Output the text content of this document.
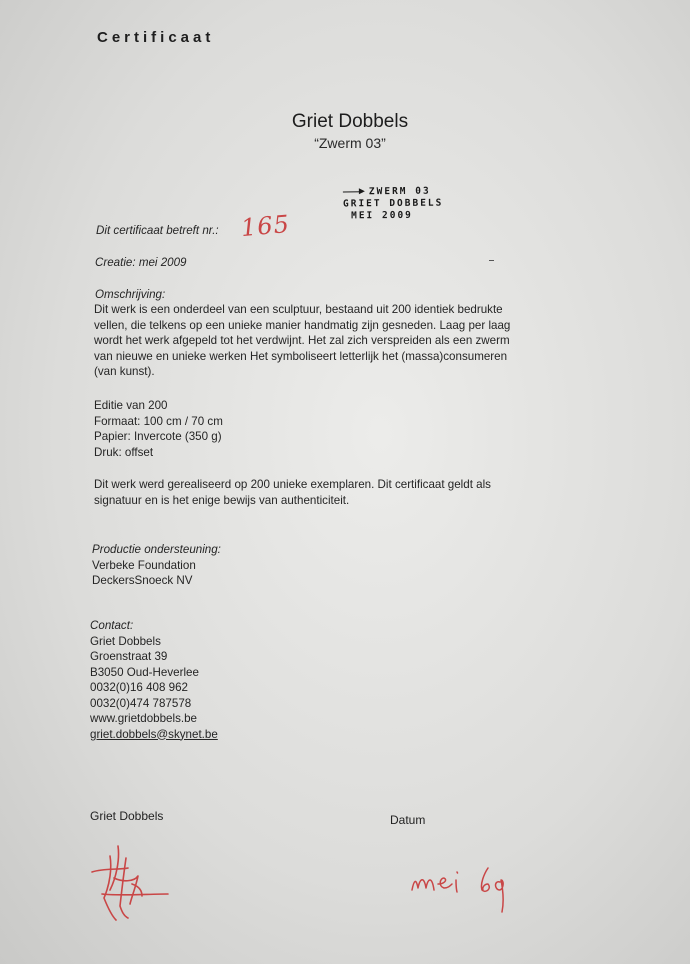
Certificaat
Griet Dobbels
“Zwerm 03”
ZWERM 03
GRIET DOBBELS
MEI 2009
Dit certificaat betreft nr.: 165
Creatie: mei 2009
Omschrijving:
Dit werk is een onderdeel van een sculptuur, bestaand uit 200 identiek bedrukte
vellen, die telkens op een unieke manier handmatig zijn gesneden. Laag per laag
wordt het werk afgepeld tot het verdwijnt. Het zal zich verspreiden als een zwerm
van nieuwe en unieke werken Het symboliseert letterlijk het (massa)consumeren
(van kunst).
Editie van 200
Formaat: 100 cm / 70 cm
Papier: Invercote (350 g)
Druk: offset
Dit werk werd gerealiseerd op 200 unieke exemplaren. Dit certificaat geldt als
signatuur en is het enige bewijs van authenticiteit.
Productie ondersteuning:
Verbeke Foundation
DeckersSnoeck NV
Contact:
Griet Dobbels
Groenstraat 39
B3050 Oud-Heverlee
0032(0)16 408 962
0032(0)474 787578
www.grietdobbels.be
griet.dobbels@skynet.be
Griet Dobbels	Datum
